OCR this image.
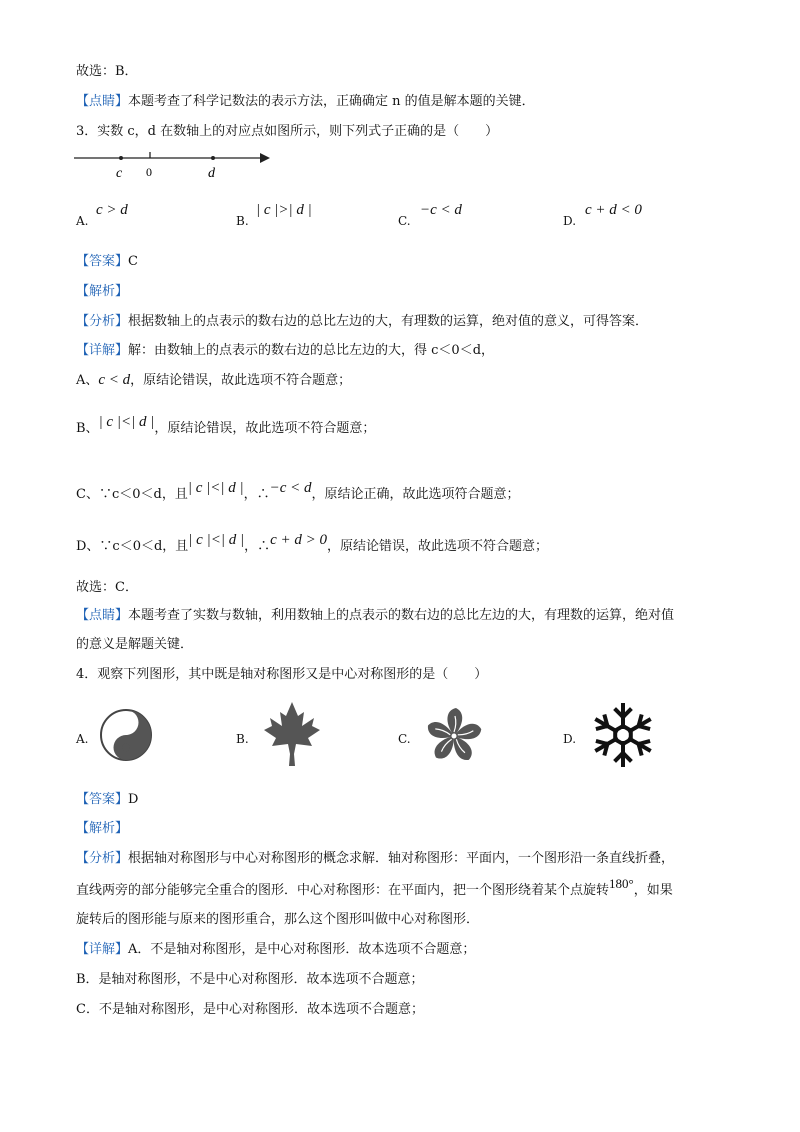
故选：B．
【点睛】本题考查了科学记数法的表示方法，正确确定 n 的值是解本题的关键．
3．实数 c，d 在数轴上的对应点如图所示，则下列式子正确的是（　　）
c 0	d
A.
c > d
B.
| c |>| d |
C.
−c < d
D.
c + d < 0
【答案】C
【解析】
【分析】根据数轴上的点表示的数右边的总比左边的大，有理数的运算，绝对值的意义，可得答案．
【详解】解：由数轴上的点表示的数右边的总比左边的大，得 c＜0＜d，
A、c < d，原结论错误，故此选项不符合题意；
B、| c |<| d |，原结论错误，故此选项不符合题意；
C、∵c＜0＜d，且| c |<| d |，∴−c < d，原结论正确，故此选项符合题意；
D、∵c＜0＜d，且| c |<| d |，∴c + d > 0，原结论错误，故此选项不符合题意；
故选：C．
【点睛】本题考查了实数与数轴，利用数轴上的点表示的数右边的总比左边的大，有理数的运算，绝对值
的意义是解题关键．
4．观察下列图形，其中既是轴对称图形又是中心对称图形的是（　　）
A.	B.	C.	D.
【答案】D
【解析】
【分析】根据轴对称图形与中心对称图形的概念求解．轴对称图形：平面内，一个图形沿一条直线折叠，
直线两旁的部分能够完全重合的图形．中心对称图形：在平面内，把一个图形绕着某个点旋转180°，如果
旋转后的图形能与原来的图形重合，那么这个图形叫做中心对称图形．
【详解】A．不是轴对称图形，是中心对称图形．故本选项不合题意；
B．是轴对称图形，不是中心对称图形．故本选项不合题意；
C．不是轴对称图形，是中心对称图形．故本选项不合题意；
